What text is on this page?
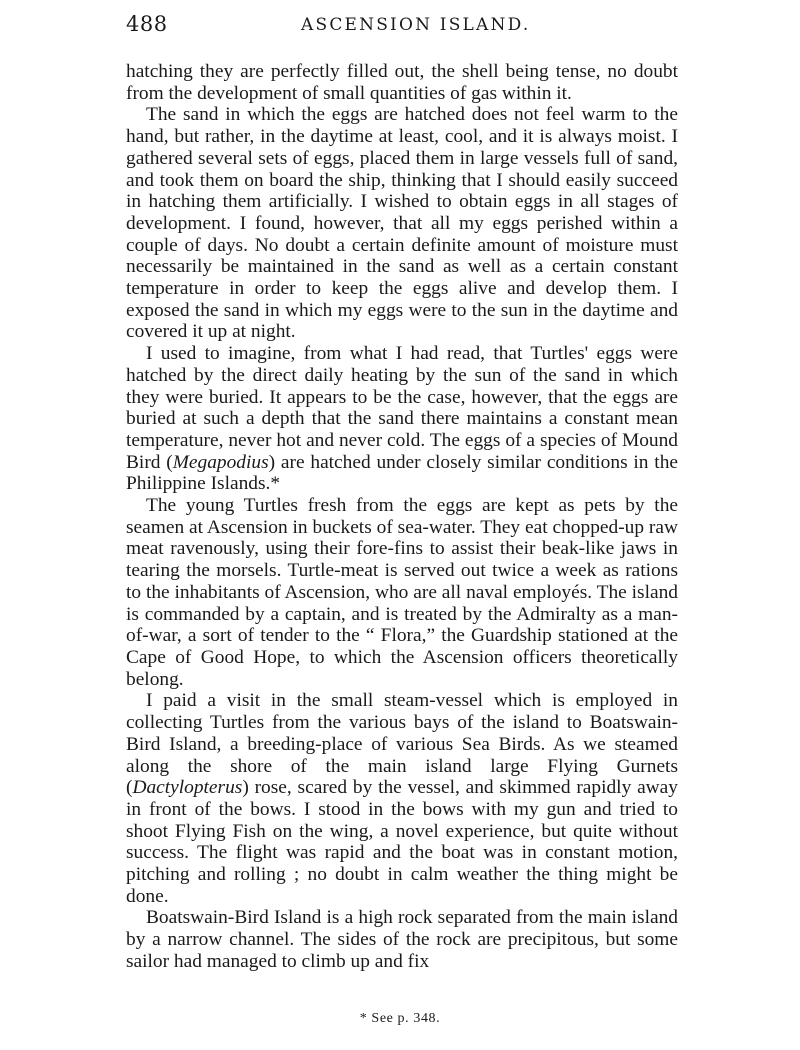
488	ASCENSION ISLAND.

hatching they are perfectly filled out, the shell being tense, no doubt from the development of small quantities of gas within it.

The sand in which the eggs are hatched does not feel warm to the hand, but rather, in the daytime at least, cool, and it is always moist. I gathered several sets of eggs, placed them in large vessels full of sand, and took them on board the ship, thinking that I should easily succeed in hatching them artificially. I wished to obtain eggs in all stages of development. I found, however, that all my eggs perished within a couple of days. No doubt a certain definite amount of moisture must necessarily be maintained in the sand as well as a certain constant temperature in order to keep the eggs alive and develop them. I exposed the sand in which my eggs were to the sun in the daytime and covered it up at night.

I used to imagine, from what I had read, that Turtles' eggs were hatched by the direct daily heating by the sun of the sand in which they were buried. It appears to be the case, however, that the eggs are buried at such a depth that the sand there maintains a constant mean temperature, never hot and never cold. The eggs of a species of Mound Bird (Megapodius) are hatched under closely similar conditions in the Philippine Islands.*

The young Turtles fresh from the eggs are kept as pets by the seamen at Ascension in buckets of sea-water. They eat chopped-up raw meat ravenously, using their fore-fins to assist their beak-like jaws in tearing the morsels. Turtle-meat is served out twice a week as rations to the inhabitants of Ascension, who are all naval employés. The island is commanded by a captain, and is treated by the Admiralty as a man-of-war, a sort of tender to the “ Flora,” the Guardship stationed at the Cape of Good Hope, to which the Ascension officers theoretically belong.

I paid a visit in the small steam-vessel which is employed in collecting Turtles from the various bays of the island to Boatswain-Bird Island, a breeding-place of various Sea Birds. As we steamed along the shore of the main island large Flying Gurnets (Dactylopterus) rose, scared by the vessel, and skimmed rapidly away in front of the bows. I stood in the bows with my gun and tried to shoot Flying Fish on the wing, a novel experience, but quite without success. The flight was rapid and the boat was in constant motion, pitching and rolling ; no doubt in calm weather the thing might be done.

Boatswain-Bird Island is a high rock separated from the main island by a narrow channel. The sides of the rock are precipitous, but some sailor had managed to climb up and fix

* See p. 348.
